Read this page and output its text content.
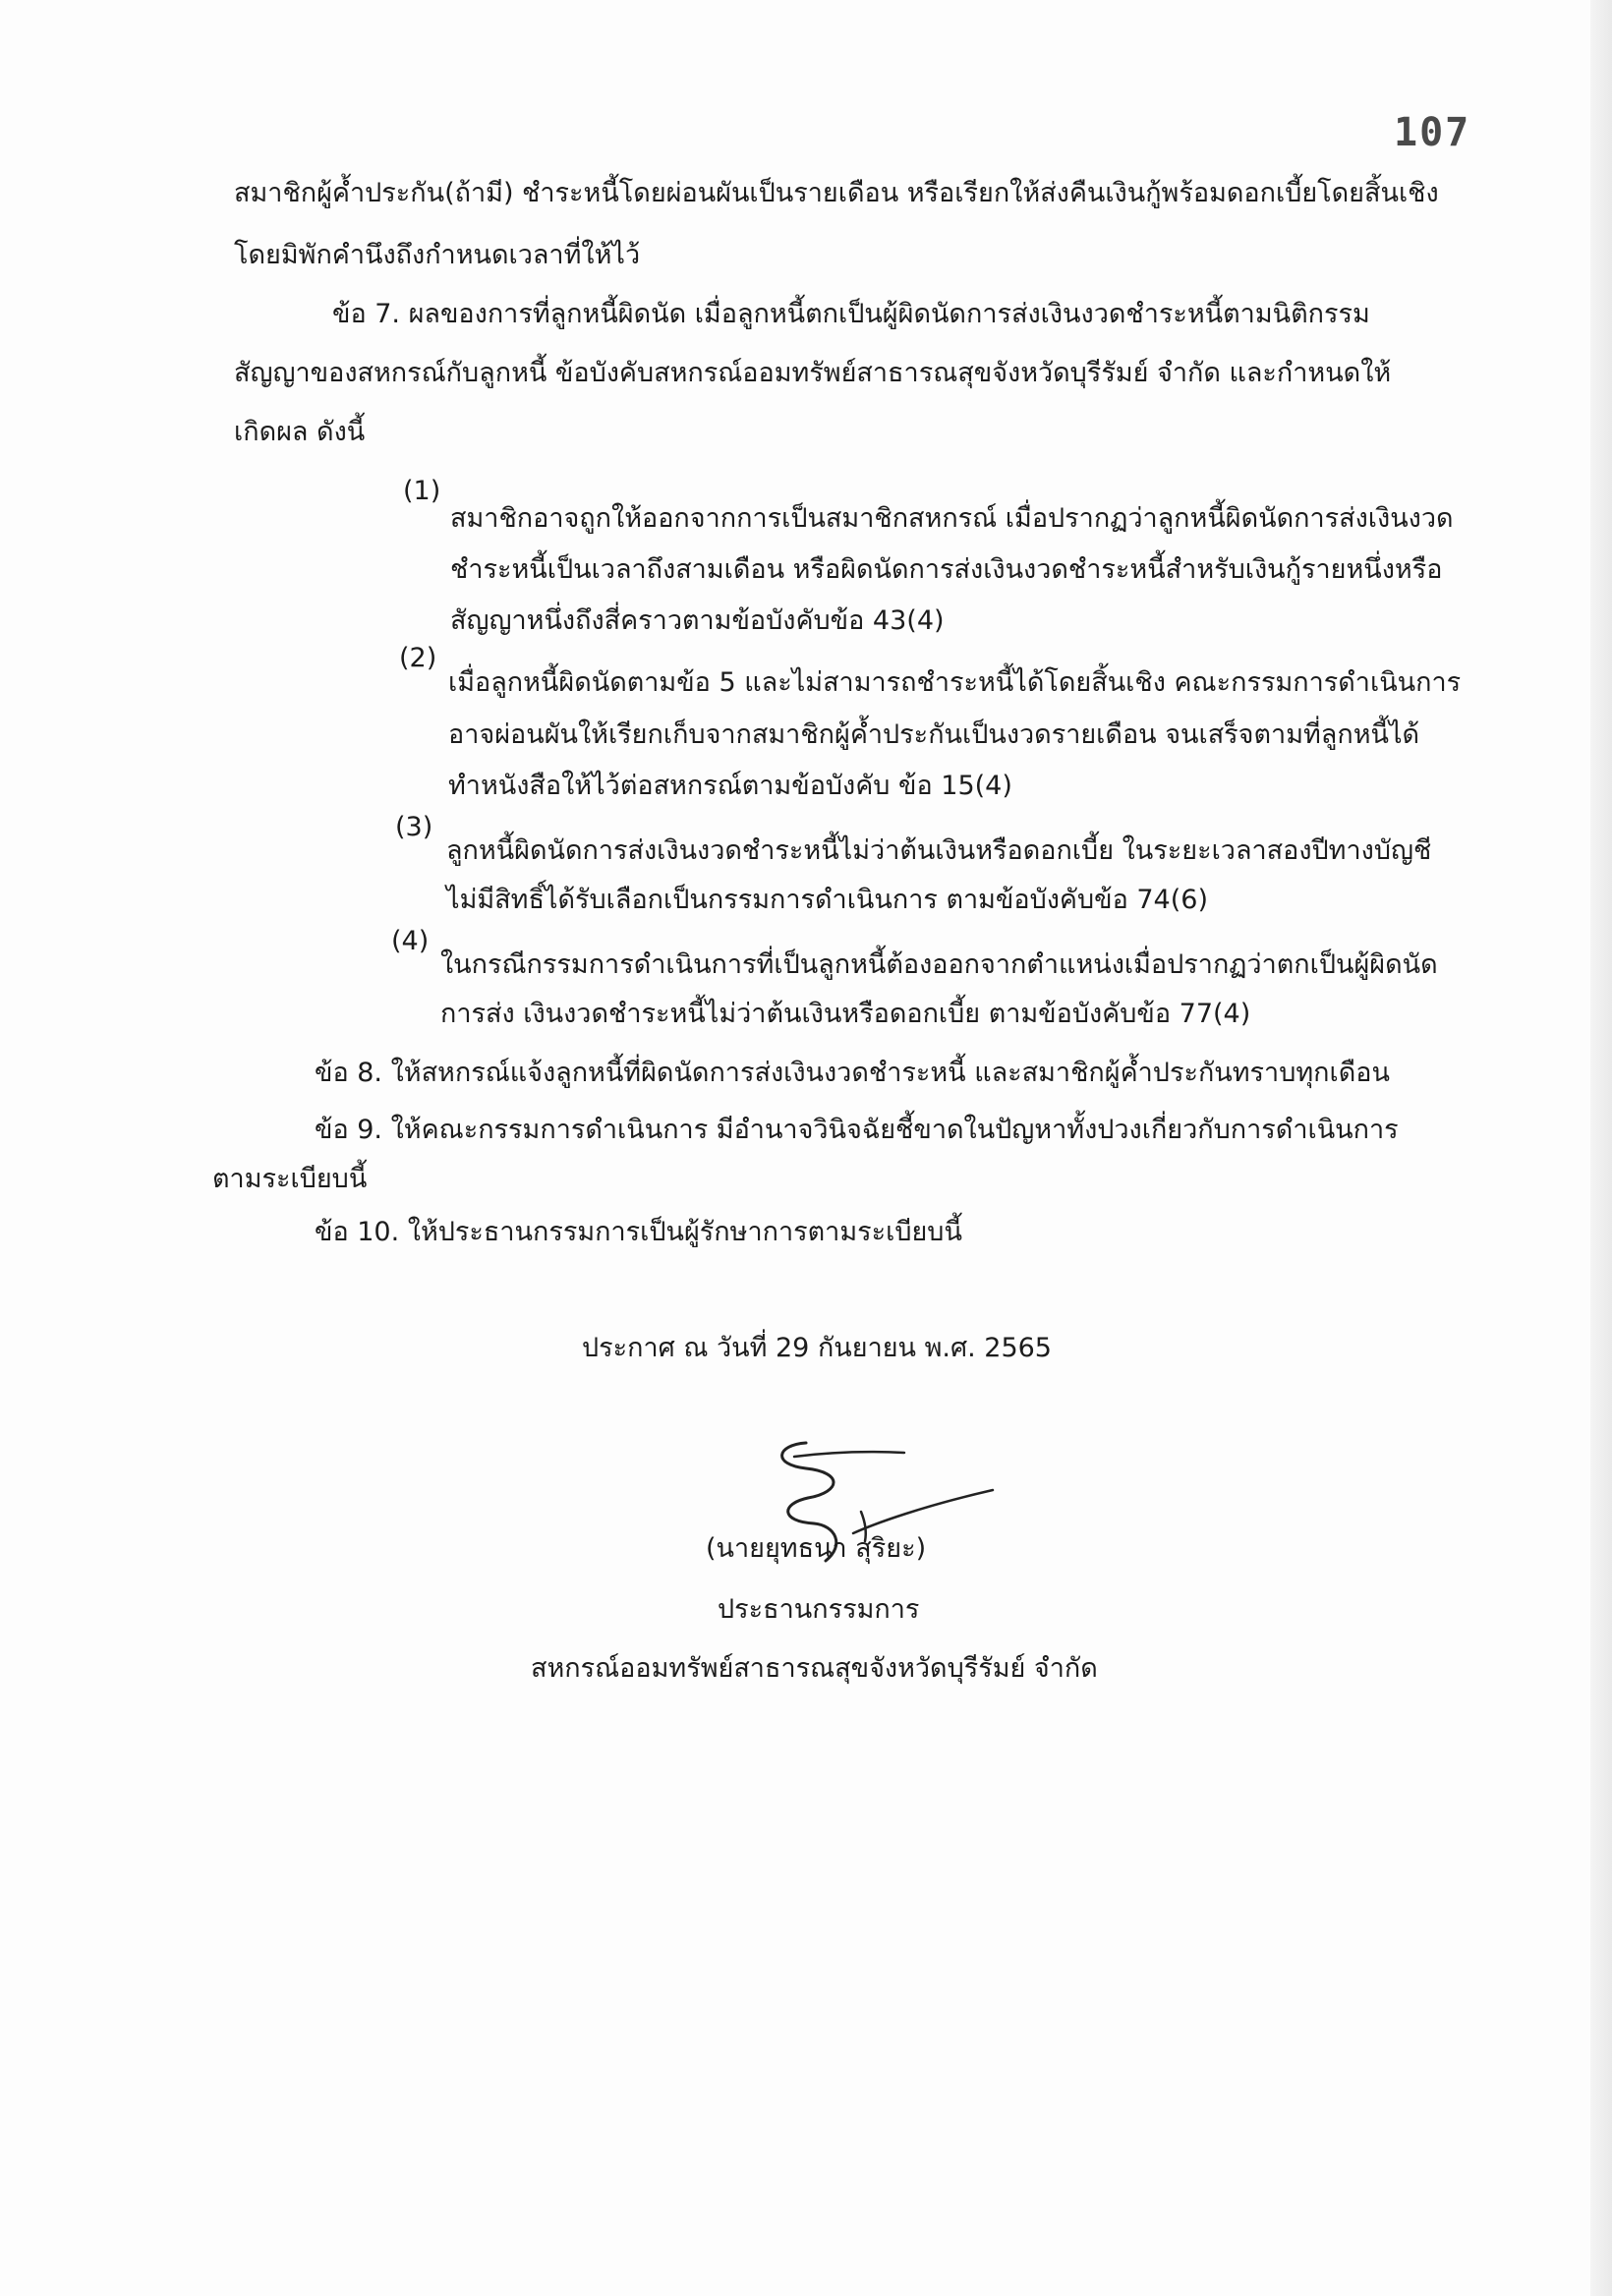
107
สมาชิกผู้ค้ำประกัน(ถ้ามี) ชำระหนี้โดยผ่อนผันเป็นรายเดือน หรือเรียกให้ส่งคืนเงินกู้พร้อมดอกเบี้ยโดยสิ้นเชิง
โดยมิพักคำนึงถึงกำหนดเวลาที่ให้ไว้
ข้อ 7. ผลของการที่ลูกหนี้ผิดนัด เมื่อลูกหนี้ตกเป็นผู้ผิดนัดการส่งเงินงวดชำระหนี้ตามนิติกรรม
สัญญาของสหกรณ์กับลูกหนี้ ข้อบังคับสหกรณ์ออมทรัพย์สาธารณสุขจังหวัดบุรีรัมย์ จำกัด และกำหนดให้
เกิดผล ดังนี้
(1)
สมาชิกอาจถูกให้ออกจากการเป็นสมาชิกสหกรณ์ เมื่อปรากฏว่าลูกหนี้ผิดนัดการส่งเงินงวด
ชำระหนี้เป็นเวลาถึงสามเดือน หรือผิดนัดการส่งเงินงวดชำระหนี้สำหรับเงินกู้รายหนึ่งหรือ
สัญญาหนึ่งถึงสี่คราวตามข้อบังคับข้อ 43(4)
(2)
เมื่อลูกหนี้ผิดนัดตามข้อ 5 และไม่สามารถชำระหนี้ได้โดยสิ้นเชิง คณะกรรมการดำเนินการ
อาจผ่อนผันให้เรียกเก็บจากสมาชิกผู้ค้ำประกันเป็นงวดรายเดือน จนเสร็จตามที่ลูกหนี้ได้
ทำหนังสือให้ไว้ต่อสหกรณ์ตามข้อบังคับ ข้อ 15(4)
(3)
ลูกหนี้ผิดนัดการส่งเงินงวดชำระหนี้ไม่ว่าต้นเงินหรือดอกเบี้ย ในระยะเวลาสองปีทางบัญชี
ไม่มีสิทธิ์ได้รับเลือกเป็นกรรมการดำเนินการ ตามข้อบังคับข้อ 74(6)
(4)
ในกรณีกรรมการดำเนินการที่เป็นลูกหนี้ต้องออกจากตำแหน่งเมื่อปรากฏว่าตกเป็นผู้ผิดนัด
การส่ง เงินงวดชำระหนี้ไม่ว่าต้นเงินหรือดอกเบี้ย ตามข้อบังคับข้อ 77(4)
ข้อ 8. ให้สหกรณ์แจ้งลูกหนี้ที่ผิดนัดการส่งเงินงวดชำระหนี้ และสมาชิกผู้ค้ำประกันทราบทุกเดือน
ข้อ 9. ให้คณะกรรมการดำเนินการ มีอำนาจวินิจฉัยชี้ขาดในปัญหาทั้งปวงเกี่ยวกับการดำเนินการ
ตามระเบียบนี้
ข้อ 10. ให้ประธานกรรมการเป็นผู้รักษาการตามระเบียบนี้
ประกาศ ณ วันที่ 29 กันยายน พ.ศ. 2565
(นายยุทธนา สุริยะ)
ประธานกรรมการ
สหกรณ์ออมทรัพย์สาธารณสุขจังหวัดบุรีรัมย์ จำกัด
